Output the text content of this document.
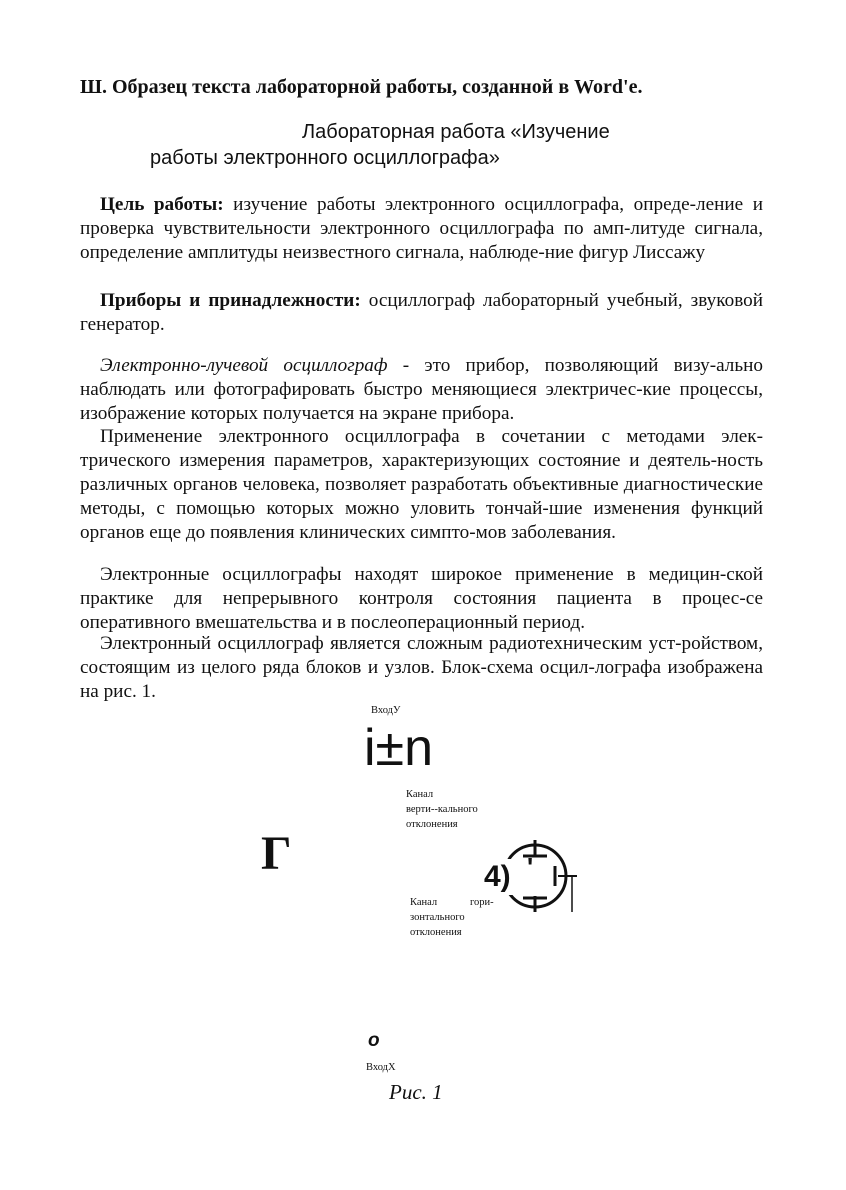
Ш. Образец текста лабораторной работы, созданной в Word'e.
Лабораторная работа «Изучение
работы электронного осциллографа»
Цель работы: изучение работы электронного осциллографа, опреде-ление и проверка чувствительности электронного осциллографа по амп-литуде сигнала, определение амплитуды неизвестного сигнала, наблюде-ние фигур Лиссажу
Приборы и принадлежности: осциллограф лабораторный учебный, звуковой генератор.
Электронно-лучевой осциллограф - это прибор, позволяющий визу-ально наблюдать или фотографировать быстро меняющиеся электричес-кие процессы, изображение которых получается на экране прибора.
Применение электронного осциллографа в сочетании с методами элек-трического измерения параметров, характеризующих состояние и деятель-ность различных органов человека, позволяет разработать объективные диагностические методы, с помощью которых можно уловить тончай-шие изменения функций органов еще до появления клинических симпто-мов заболевания.
Электронные осциллографы находят широкое применение в медицин-ской практике для непрерывного контроля состояния пациента в процес-се оперативного вмешательства и в послеоперационный период.
Электронный осциллограф является сложным радиотехническим уст-ройством, состоящим из целого ряда блоков и узлов. Блок-схема осцил-лографа изображена на рис. 1.
ВходУ
i±n
Канал
верти--кального
отклонения
Г	4) '
Канал
зонтального
отклонения
гори-
o
ВходХ
Рис. 1
